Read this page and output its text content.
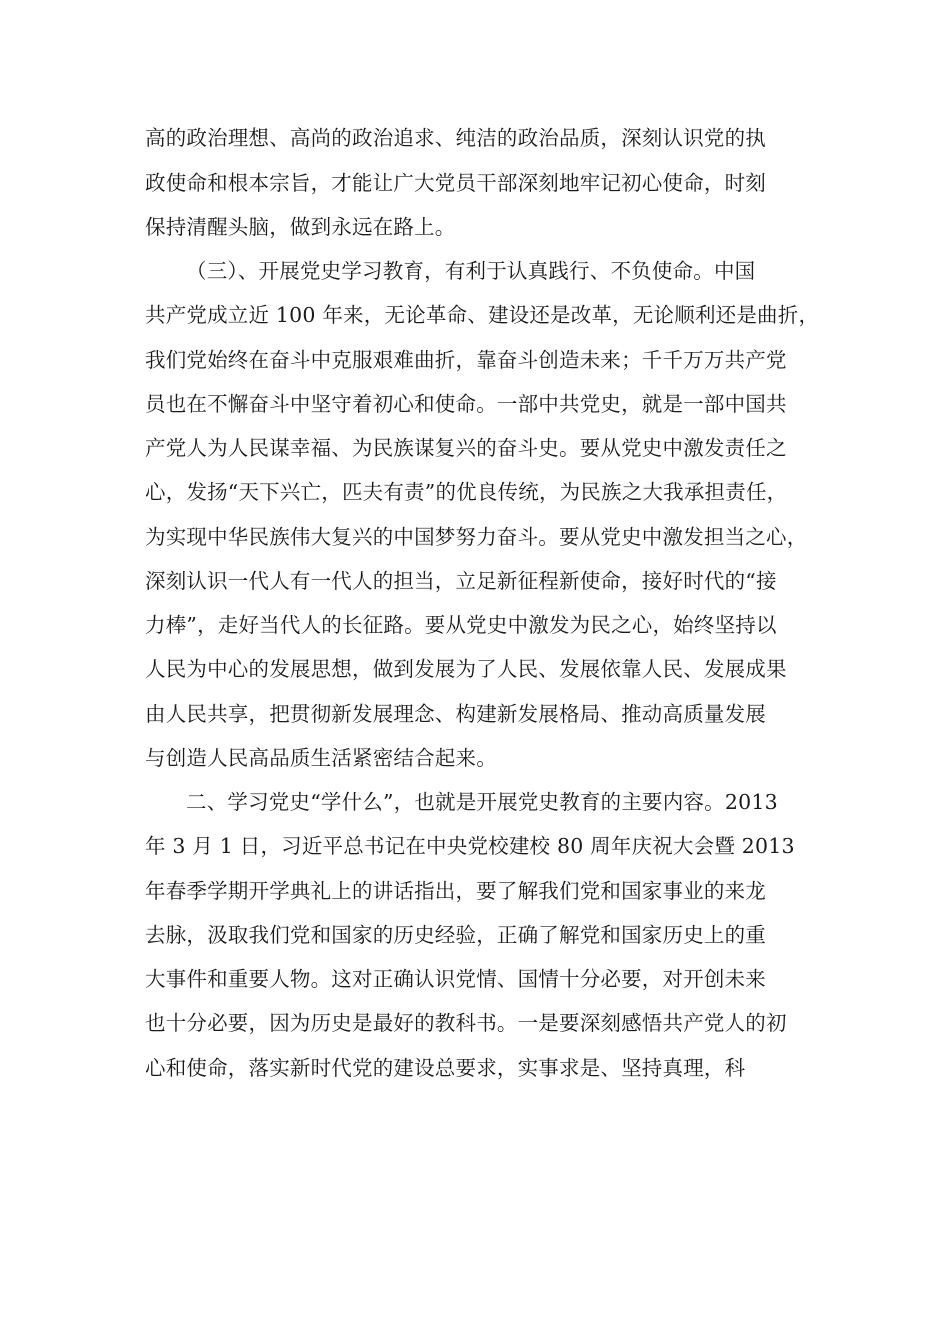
高的政治理想、高尚的政治追求、纯洁的政治品质，深刻认识党的执
政使命和根本宗旨，才能让广大党员干部深刻地牢记初心使命，时刻
保持清醒头脑，做到永远在路上。
（三）、开展党史学习教育，有利于认真践行、不负使命。中国
共产党成立近 100 年来，无论革命、建设还是改革，无论顺利还是曲折，
我们党始终在奋斗中克服艰难曲折，靠奋斗创造未来；千千万万共产党
员也在不懈奋斗中坚守着初心和使命。一部中共党史，就是一部中国共
产党人为人民谋幸福、为民族谋复兴的奋斗史。要从党史中激发责任之
心，发扬“天下兴亡，匹夫有责”的优良传统，为民族之大我承担责任，
为实现中华民族伟大复兴的中国梦努力奋斗。要从党史中激发担当之心，
深刻认识一代人有一代人的担当，立足新征程新使命，接好时代的“接
力棒”，走好当代人的长征路。要从党史中激发为民之心，始终坚持以
人民为中心的发展思想，做到发展为了人民、发展依靠人民、发展成果
由人民共享，把贯彻新发展理念、构建新发展格局、推动高质量发展
与创造人民高品质生活紧密结合起来。
二、学习党史“学什么”，也就是开展党史教育的主要内容。2013
年 3 月 1 日，习近平总书记在中央党校建校 80 周年庆祝大会暨 2013
年春季学期开学典礼上的讲话指出，要了解我们党和国家事业的来龙
去脉，汲取我们党和国家的历史经验，正确了解党和国家历史上的重
大事件和重要人物。这对正确认识党情、国情十分必要，对开创未来
也十分必要，因为历史是最好的教科书。一是要深刻感悟共产党人的初
心和使命，落实新时代党的建设总要求，实事求是、坚持真理，科
